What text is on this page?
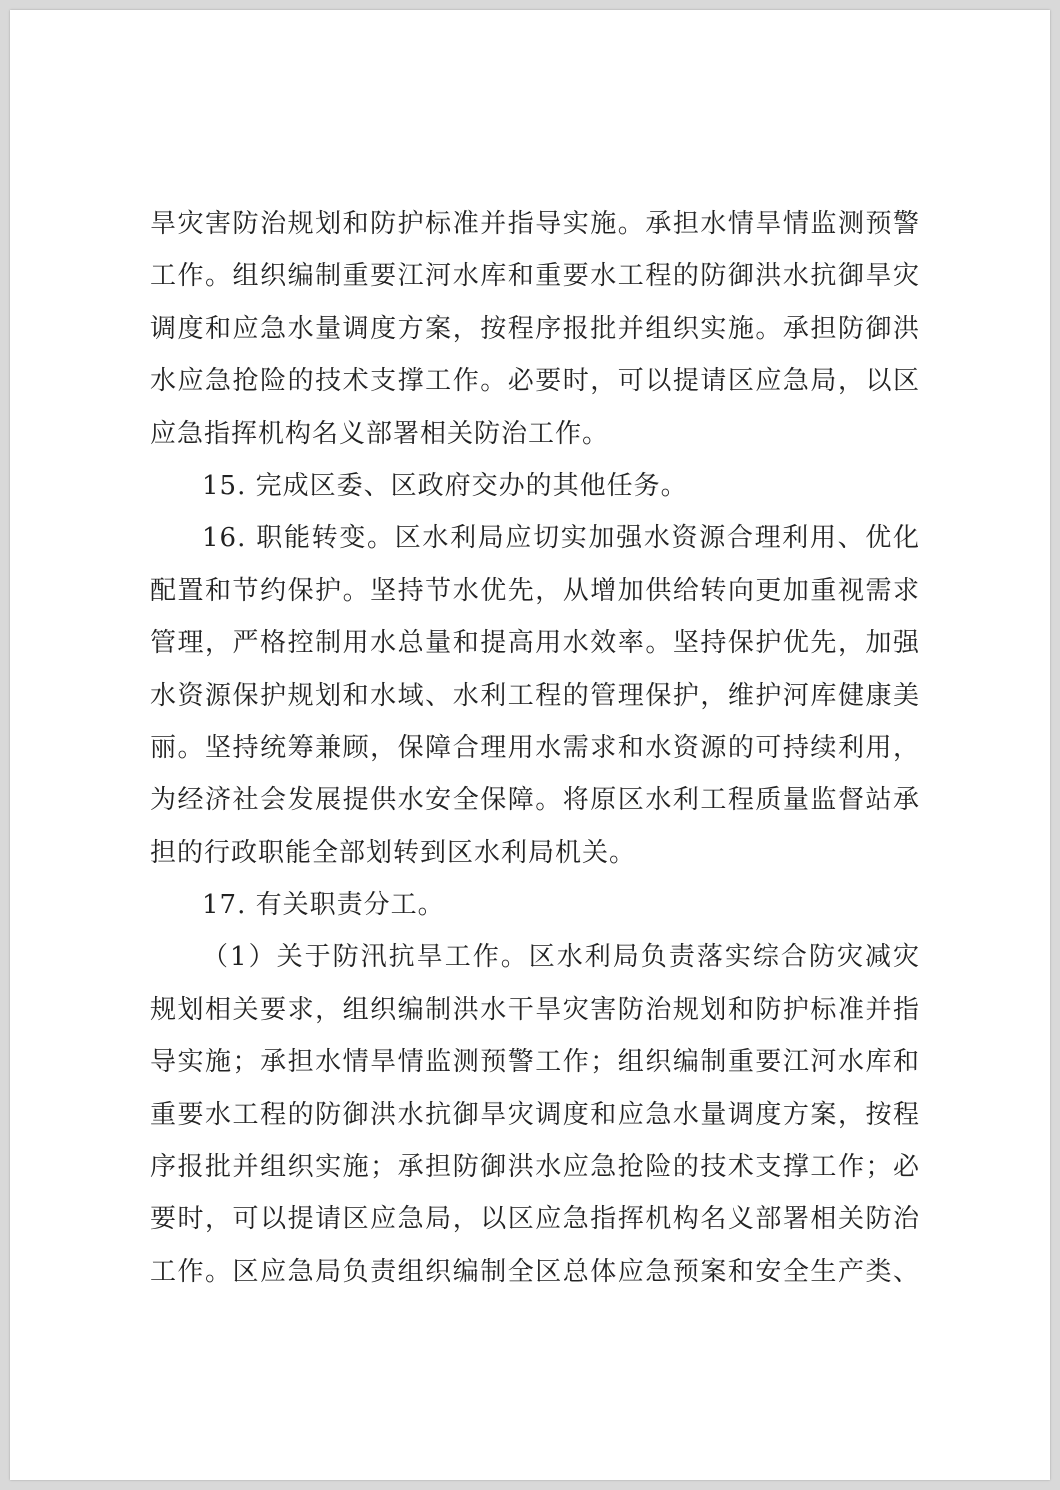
旱灾害防治规划和防护标准并指导实施。承担水情旱情监测预警
工作。组织编制重要江河水库和重要水工程的防御洪水抗御旱灾
调度和应急水量调度方案，按程序报批并组织实施。承担防御洪
水应急抢险的技术支撑工作。必要时，可以提请区应急局，以区
应急指挥机构名义部署相关防治工作。
15. 完成区委、区政府交办的其他任务。
16. 职能转变。区水利局应切实加强水资源合理利用、优化
配置和节约保护。坚持节水优先，从增加供给转向更加重视需求
管理，严格控制用水总量和提高用水效率。坚持保护优先，加强
水资源保护规划和水域、水利工程的管理保护，维护河库健康美
丽。坚持统筹兼顾，保障合理用水需求和水资源的可持续利用，
为经济社会发展提供水安全保障。将原区水利工程质量监督站承
担的行政职能全部划转到区水利局机关。
17. 有关职责分工。
（1）关于防汛抗旱工作。区水利局负责落实综合防灾减灾
规划相关要求，组织编制洪水干旱灾害防治规划和防护标准并指
导实施；承担水情旱情监测预警工作；组织编制重要江河水库和
重要水工程的防御洪水抗御旱灾调度和应急水量调度方案，按程
序报批并组织实施；承担防御洪水应急抢险的技术支撑工作；必
要时，可以提请区应急局，以区应急指挥机构名义部署相关防治
工作。区应急局负责组织编制全区总体应急预案和安全生产类、
